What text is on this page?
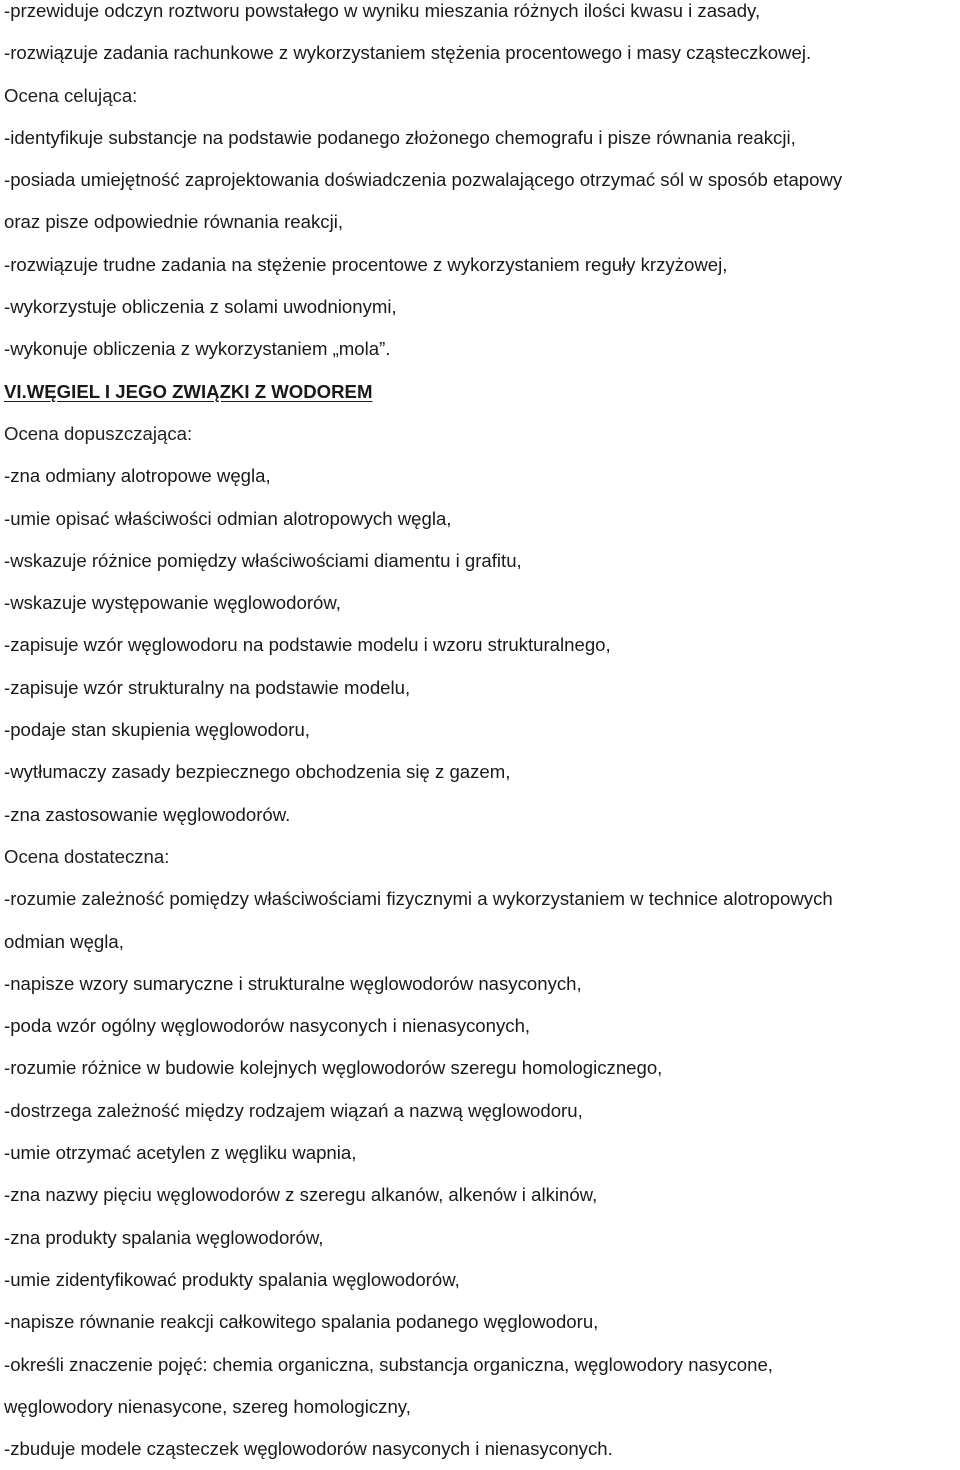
-przewiduje odczyn roztworu powstałego w wyniku mieszania różnych ilości kwasu i zasady,
-rozwiązuje zadania rachunkowe z wykorzystaniem stężenia procentowego i masy cząsteczkowej.
Ocena celująca:
-identyfikuje substancje na podstawie podanego złożonego chemografu i pisze równania reakcji,
-posiada umiejętność zaprojektowania doświadczenia pozwalającego otrzymać sól w sposób etapowy
oraz pisze odpowiednie równania reakcji,
-rozwiązuje trudne zadania na stężenie procentowe z wykorzystaniem reguły krzyżowej,
-wykorzystuje obliczenia z solami uwodnionymi,
-wykonuje obliczenia z wykorzystaniem „mola”.
VI.WĘGIEL I JEGO ZWIĄZKI Z WODOREM
Ocena dopuszczająca:
-zna odmiany alotropowe węgla,
-umie opisać właściwości odmian alotropowych węgla,
-wskazuje różnice pomiędzy właściwościami diamentu i grafitu,
-wskazuje występowanie węglowodorów,
-zapisuje wzór węglowodoru na podstawie modelu i wzoru strukturalnego,
-zapisuje wzór strukturalny na podstawie modelu,
-podaje stan skupienia węglowodoru,
-wytłumaczy zasady bezpiecznego obchodzenia się z gazem,
-zna zastosowanie węglowodorów.
Ocena dostateczna:
-rozumie zależność pomiędzy właściwościami fizycznymi a wykorzystaniem w technice alotropowych
odmian węgla,
-napisze wzory sumaryczne i strukturalne węglowodorów nasyconych,
-poda wzór ogólny węglowodorów nasyconych i nienasyconych,
-rozumie różnice w budowie kolejnych węglowodorów szeregu homologicznego,
-dostrzega zależność między rodzajem wiązań a nazwą węglowodoru,
-umie otrzymać acetylen z węgliku wapnia,
-zna nazwy pięciu węglowodorów z szeregu alkanów, alkenów i alkinów,
-zna produkty spalania węglowodorów,
-umie zidentyfikować produkty spalania węglowodorów,
-napisze równanie reakcji całkowitego spalania podanego węglowodoru,
-określi znaczenie pojęć: chemia organiczna, substancja organiczna, węglowodory nasycone,
węglowodory nienasycone, szereg homologiczny,
-zbuduje modele cząsteczek węglowodorów nasyconych i nienasyconych.
